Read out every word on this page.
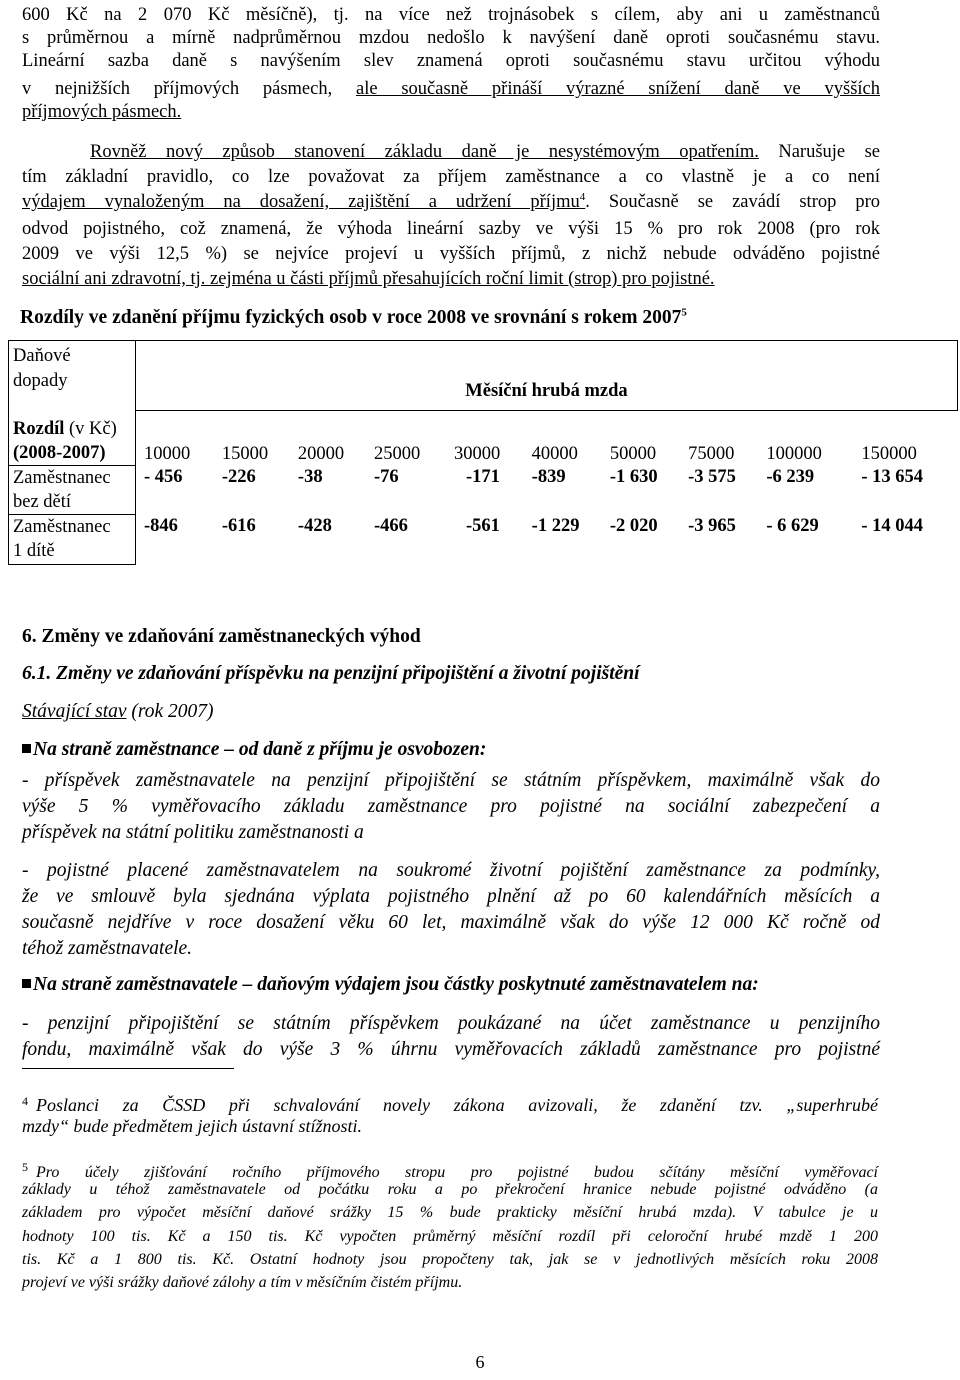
600 Kč na 2 070 Kč měsíčně), tj. na více než trojnásobek s cílem, aby ani u zaměstnanců
s průměrnou a mírně nadprůměrnou mzdou nedošlo k navýšení daně oproti současnému stavu.
Lineární sazba daně s navýšením slev znamená oproti současnému stavu určitou výhodu
v nejnižších příjmových pásmech, ale současně přináší výrazné snížení daně ve vyšších
příjmových pásmech.
Rovněž nový způsob stanovení základu daně je nesystémovým opatřením. Narušuje se
tím základní pravidlo, co lze považovat za příjem zaměstnance a co vlastně je a co není
výdajem vynaloženým na dosažení, zajištění a udržení příjmu$^4$. Současně se zavádí strop pro
odvod pojistného, což znamená, že výhoda lineární sazby ve výši 15 % pro rok 2008 (pro rok
2009 ve výši 12,5 %) se nejvíce projeví u vyšších příjmů, z nichž nebude odváděno pojistné
sociální ani zdravotní, tj. zejména u části příjmů přesahujících roční limit (strop) pro pojistné.
Rozdíly ve zdanění příjmu fyzických osob v roce 2008 ve srovnání s rokem 2007$^5$
Daňové
dopady	Měsíční hrubá mzda									

Rozdíl (v Kč)
(2008-2007)	10000	15000	20000	25000	30000	40000	50000	75000	100000	150000

Zaměstnanec
bez dětí	- 456	-226	-38	-76	-171	-839	-1 630	-3 575	-6 239	- 13 654

Zaměstnanec
1 dítě	-846	-616	-428	-466	-561	-1 229	-2 020	-3 965	- 6 629	- 14 044
6. Změny ve zdaňování zaměstnaneckých výhod
6.1. Změny ve zdaňování příspěvku na penzijní připojištění a životní pojištění
Stávající stav (rok 2007)
Na straně zaměstnance – od daně z příjmu je osvobozen:
- příspěvek zaměstnavatele na penzijní připojištění se státním příspěvkem, maximálně však do
výše 5 % vyměřovacího základu zaměstnance pro pojistné na sociální zabezpečení a
příspěvek na státní politiku zaměstnanosti a
- pojistné placené zaměstnavatelem na soukromé životní pojištění zaměstnance za podmínky,
že ve smlouvě byla sjednána výplata pojistného plnění až po 60 kalendářních měsících a
současně nejdříve v roce dosažení věku 60 let, maximálně však do výše 12 000 Kč ročně od
téhož zaměstnavatele.
Na straně zaměstnavatele – daňovým výdajem jsou částky poskytnuté zaměstnavatelem na:
- penzijní připojištění se státním příspěvkem poukázané na účet zaměstnance u penzijního
fondu, maximálně však do výše 3 % úhrnu vyměřovacích základů zaměstnance pro pojistné
$^4$ Poslanci za ČSSD při schvalování novely zákona avizovali, že zdanění tzv. „superhrubé
mzdy“ bude předmětem jejich ústavní stížnosti.
$^5$ Pro účely zjišťování ročního příjmového stropu pro pojistné budou sčítány měsíční vyměřovací
základy u téhož zaměstnavatele od počátku roku a po překročení hranice nebude pojistné odváděno (a
základem pro výpočet měsíční daňové srážky 15 % bude prakticky měsíční hrubá mzda). V tabulce je u
hodnoty 100 tis. Kč a 150 tis. Kč vypočten průměrný měsíční rozdíl při celoroční hrubé mzdě 1 200
tis. Kč a 1 800 tis. Kč. Ostatní hodnoty jsou propočteny tak, jak se v jednotlivých měsících roku 2008
projeví ve výši srážky daňové zálohy a tím v měsíčním čistém příjmu.
6
